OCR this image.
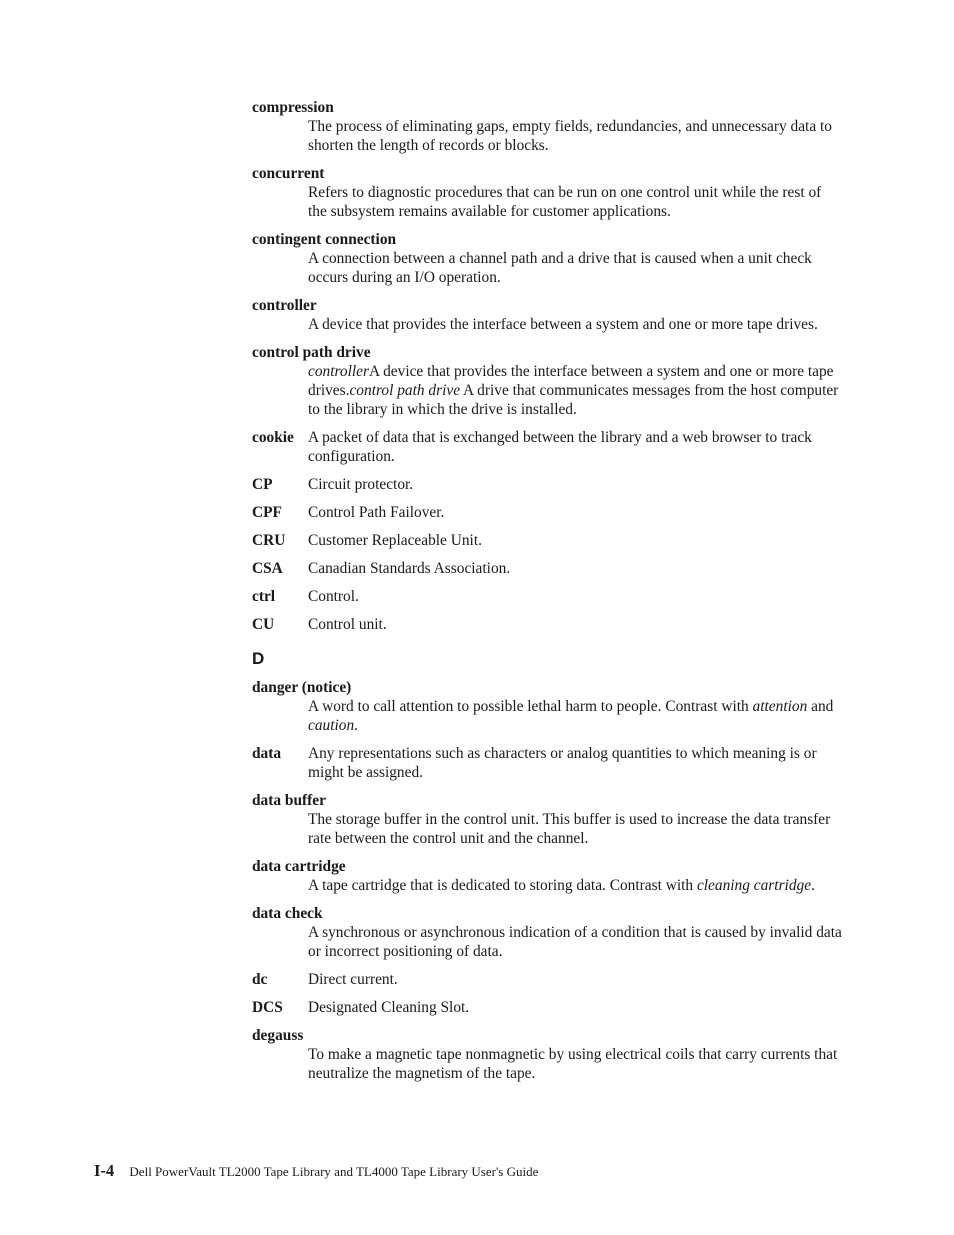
compression
The process of eliminating gaps, empty fields, redundancies, and unnecessary data to shorten the length of records or blocks.
concurrent
Refers to diagnostic procedures that can be run on one control unit while the rest of the subsystem remains available for customer applications.
contingent connection
A connection between a channel path and a drive that is caused when a unit check occurs during an I/O operation.
controller
A device that provides the interface between a system and one or more tape drives.
control path drive
controllerA device that provides the interface between a system and one or more tape drives.control path drive A drive that communicates messages from the host computer to the library in which the drive is installed.
cookie A packet of data that is exchanged between the library and a web browser to track configuration.
CP	Circuit protector.
CPF	Control Path Failover.
CRU	Customer Replaceable Unit.
CSA	Canadian Standards Association.
ctrl	Control.
CU	Control unit.
D
danger (notice)
A word to call attention to possible lethal harm to people. Contrast with attention and caution.
data	Any representations such as characters or analog quantities to which meaning is or might be assigned.
data buffer
The storage buffer in the control unit. This buffer is used to increase the data transfer rate between the control unit and the channel.
data cartridge
A tape cartridge that is dedicated to storing data. Contrast with cleaning cartridge.
data check
A synchronous or asynchronous indication of a condition that is caused by invalid data or incorrect positioning of data.
dc	Direct current.
DCS	Designated Cleaning Slot.
degauss
To make a magnetic tape nonmagnetic by using electrical coils that carry currents that neutralize the magnetism of the tape.
I-4 Dell PowerVault TL2000 Tape Library and TL4000 Tape Library User's Guide
